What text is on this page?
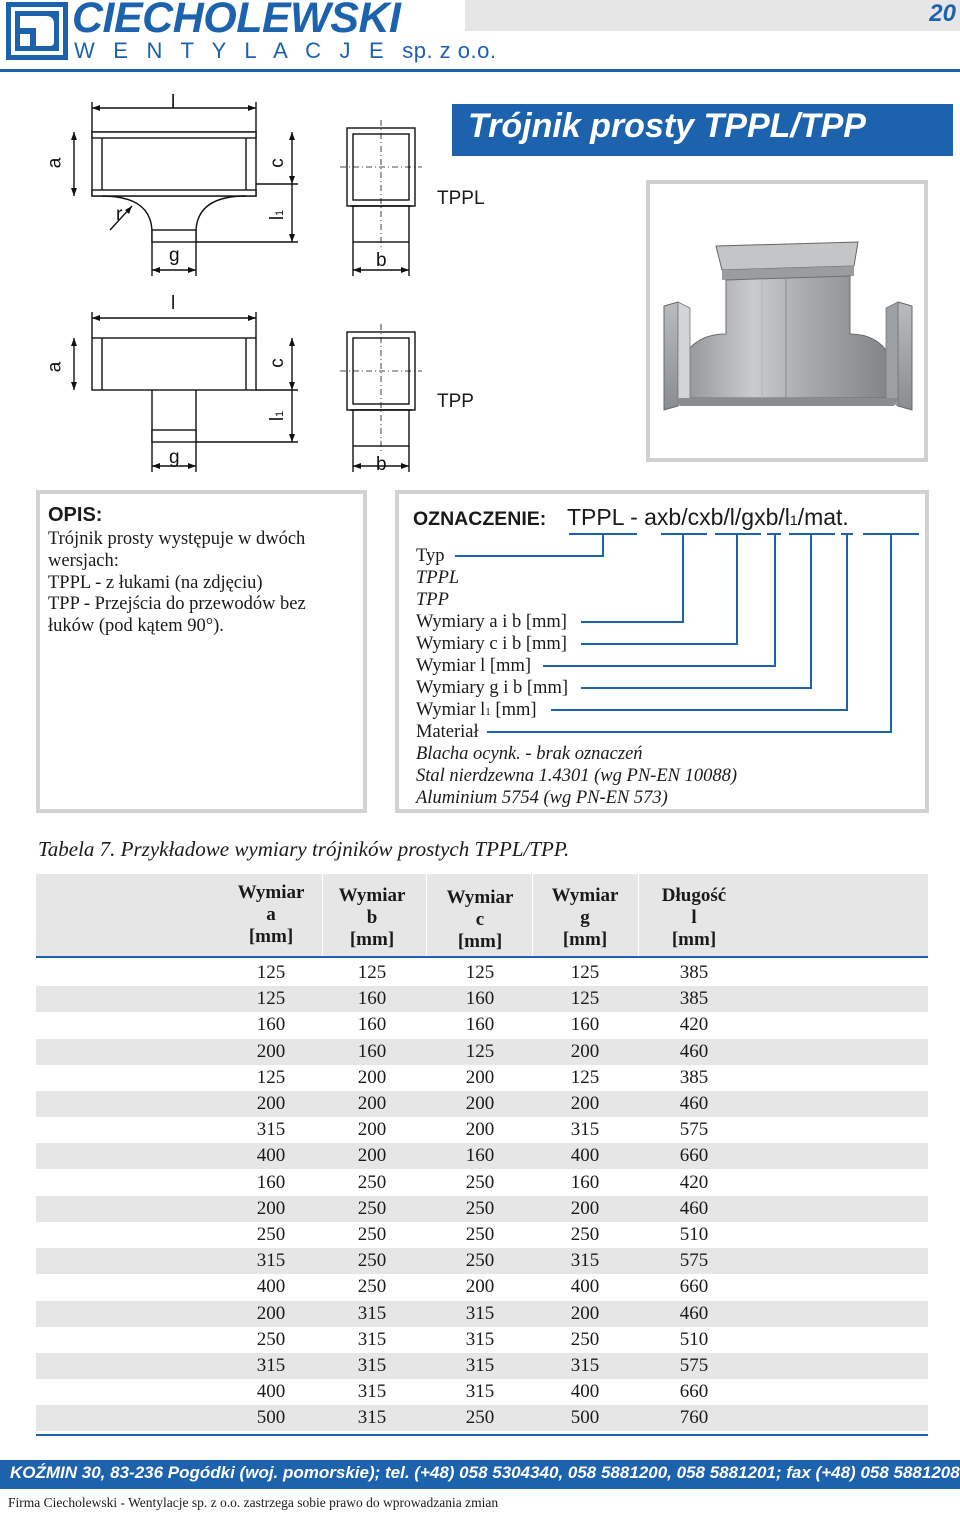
CIECHOLEWSKI
W E N T Y L A C J E sp. z o.o.
20
Trójnik prosty TPPL/TPP
l
a	c
r	l1
g	b
TPPL
l
a	c
l1
g	b
TPP
OPIS:
Trójnik prosty występuje w dwóch
wersjach:
TPPL - z łukami (na zdjęciu)
TPP - Przejścia do przewodów bez
łuków (pod kątem 90°).
OZNACZENIE: TPPL - axb/cxb/l/gxb/l1/mat.
Typ
TPPL
TPP
Wymiary a i b [mm]
Wymiary c i b [mm]
Wymiar l [mm]
Wymiary g i b [mm]
Wymiar l1 [mm]
Materiał
Blacha ocynk. - brak oznaczeń
Stal nierdzewna 1.4301 (wg PN-EN 10088)
Aluminium 5754 (wg PN-EN 573)
Tabela 7. Przykładowe wymiary trójników prostych TPPL/TPP.
Wymiar
a
[mm]
Wymiar
b
[mm]
Wymiar
c
[mm]
Wymiar
g
[mm]
Długość
l
[mm]
125	125	125	125	385
125	160	160	125	385
160	160	160	160	420
200	160	125	200	460
125	200	200	125	385
200	200	200	200	460
315	200	200	315	575
400	200	160	400	660
160	250	250	160	420
200	250	250	200	460
250	250	250	250	510
315	250	250	315	575
400	250	200	400	660
200	315	315	200	460
250	315	315	250	510
315	315	315	315	575
400	315	315	400	660
500	315	250	500	760
KOŹMIN 30, 83-236 Pogódki (woj. pomorskie); tel. (+48) 058 5304340, 058 5881200, 058 5881201; fax (+48) 058 5881208
Firma Ciecholewski - Wentylacje sp. z o.o. zastrzega sobie prawo do wprowadzania zmian
